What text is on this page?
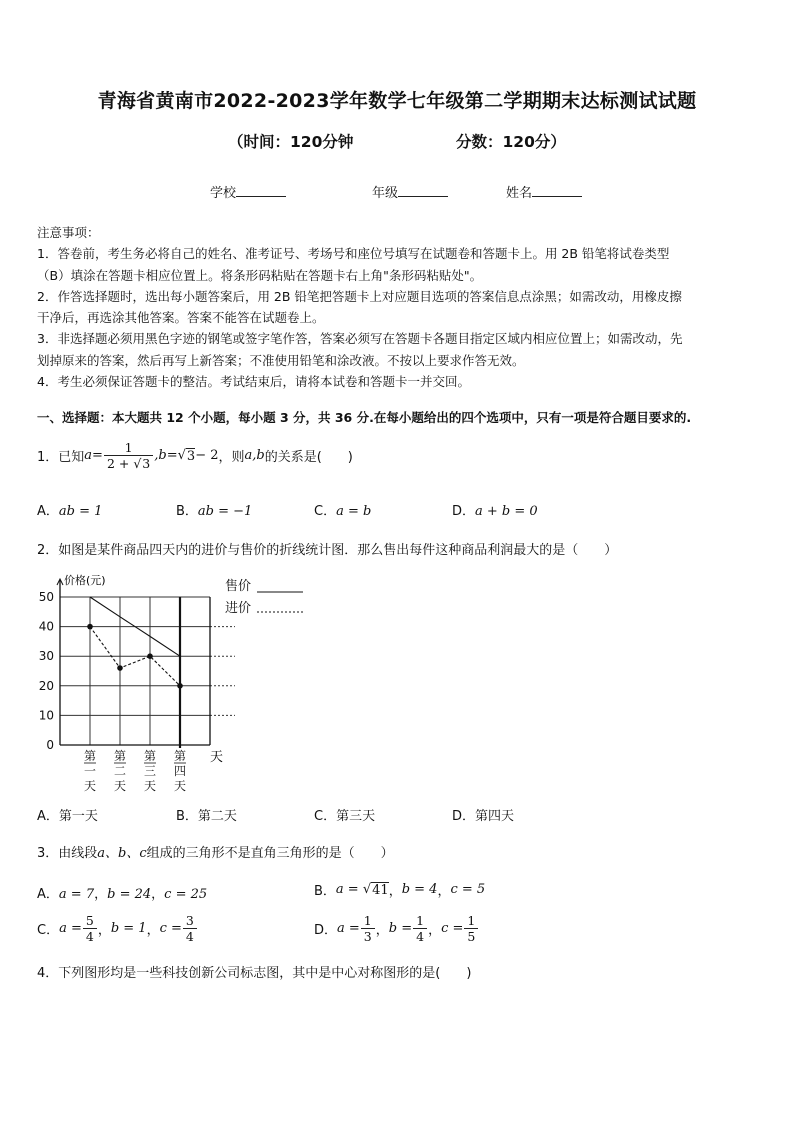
青海省黄南市2022-2023学年数学七年级第二学期期末达标测试试题
（时间：120分钟	分数：120分）
学校	年级	姓名
注意事项：
1．答卷前，考生务必将自己的姓名、准考证号、考场号和座位号填写在试题卷和答题卡上。用 2B 铅笔将试卷类型
（B）填涂在答题卡相应位置上。将条形码粘贴在答题卡右上角"条形码粘贴处"。
2．作答选择题时，选出每小题答案后，用 2B 铅笔把答题卡上对应题目选项的答案信息点涂黑；如需改动，用橡皮擦
干净后，再选涂其他答案。答案不能答在试题卷上。
3．非选择题必须用黑色字迹的钢笔或签字笔作答，答案必须写在答题卡各题目指定区域内相应位置上；如需改动，先
划掉原来的答案，然后再写上新答案；不准使用铅笔和涂改液。不按以上要求作答无效。
4．考生必须保证答题卡的整洁。考试结束后，请将本试卷和答题卡一并交回。
一、选择题：本大题共 12 个小题，每小题 3 分，共 36 分.在每小题给出的四个选项中，只有一项是符合题目要求的.
1．已知 $a = \frac{1}{2 + √3}$ , b = √ 3 − 2 ，则 a,b 的关系是(　　)
A．ab = 1	B．ab = −1	C．a = b	D．a + b = 0
2．如图是某件商品四天内的进价与售价的折线统计图．那么售出每件这种商品利润最大的是（　　）
0
10
20
30
40
50
第
一
天
第
二
天
第
三
天
第
四
天
售价
进价
价格(元)
天
A．第一天	B．第二天	C．第三天	D．第四天
3．由线段a、b、c组成的三角形不是直角三角形的是（　　）
A．a = 7，b = 24，c = 25	B． a = √ 41 ， b = 4 ， c = 5
C． $a = \frac{5}{4}$ ， b = 1 ， $c = \frac{3}{4}$	D． $a = \frac{1}{3}$ ， $b = \frac{1}{4}$ ， $c = \frac{1}{5}$
4．下列图形均是一些科技创新公司标志图，其中是中心对称图形的是(　　)
